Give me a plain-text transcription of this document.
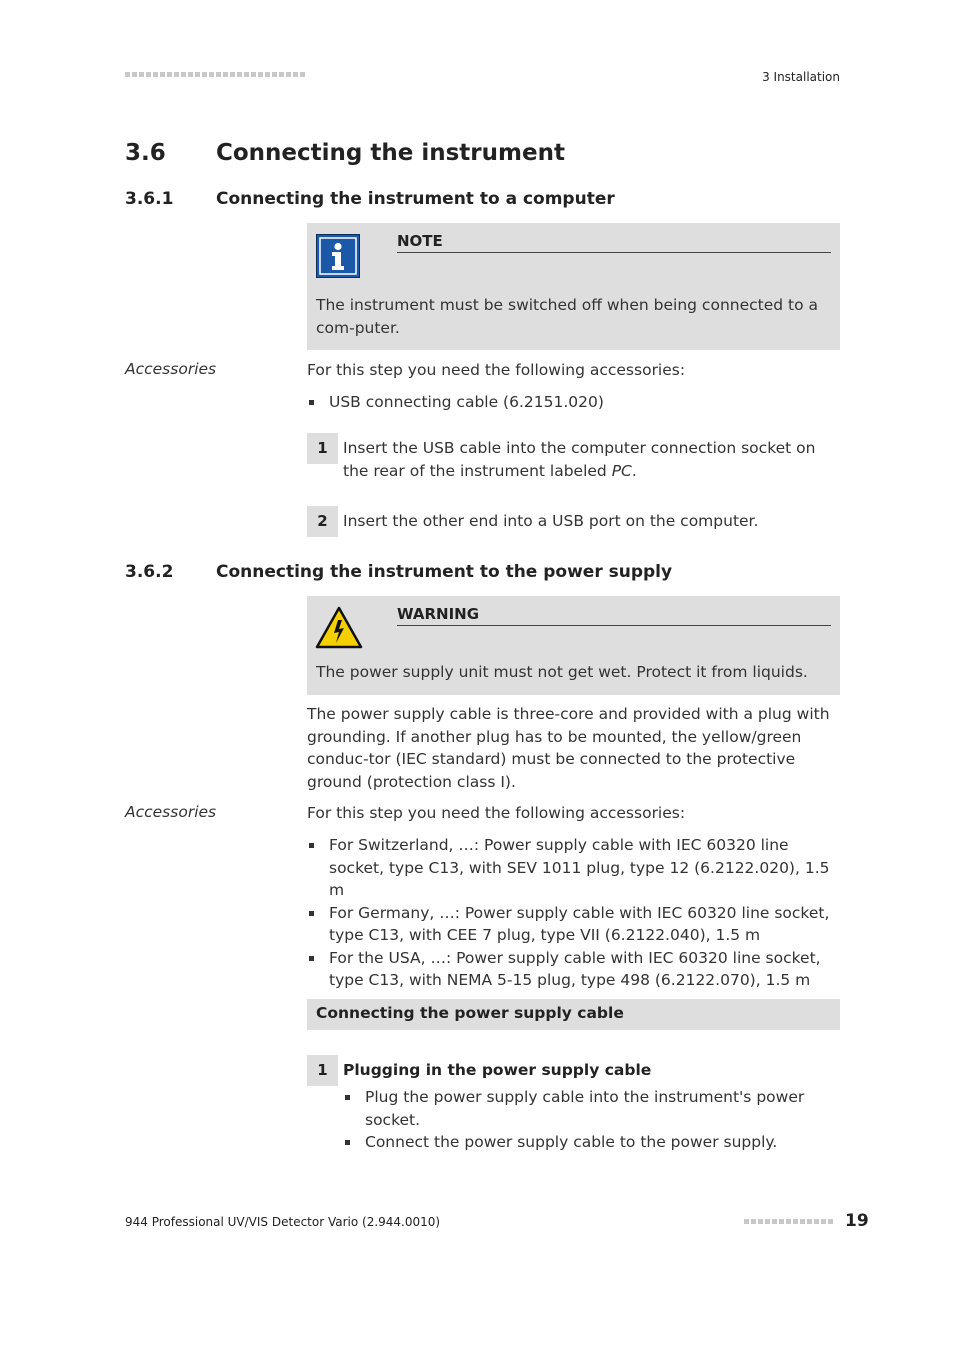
3 Installation
3.6 Connecting the instrument
3.6.1	Connecting the instrument to a computer
NOTE
The instrument must be switched off when being connected to a com-puter.
Accessories	For this step you need the following accessories:
USB connecting cable (6.2151.020)
1 Insert the USB cable into the computer connection socket on the rear of the instrument labeled PC.
2 Insert the other end into a USB port on the computer.
3.6.2	Connecting the instrument to the power supply
WARNING
The power supply unit must not get wet. Protect it from liquids.
The power supply cable is three-core and provided with a plug with grounding. If another plug has to be mounted, the yellow/green conduc-tor (IEC standard) must be connected to the protective ground (protection class I).
Accessories	For this step you need the following accessories:
For Switzerland, …: Power supply cable with IEC 60320 line socket, type C13, with SEV 1011 plug, type 12 (6.2122.020), 1.5 m
For Germany, …: Power supply cable with IEC 60320 line socket, type C13, with CEE 7 plug, type VII (6.2122.040), 1.5 m
For the USA, …: Power supply cable with IEC 60320 line socket, type C13, with NEMA 5-15 plug, type 498 (6.2122.070), 1.5 m
Connecting the power supply cable
1 Plugging in the power supply cable
Plug the power supply cable into the instrument's power socket.
Connect the power supply cable to the power supply.
944 Professional UV/VIS Detector Vario (2.944.0010)	19
